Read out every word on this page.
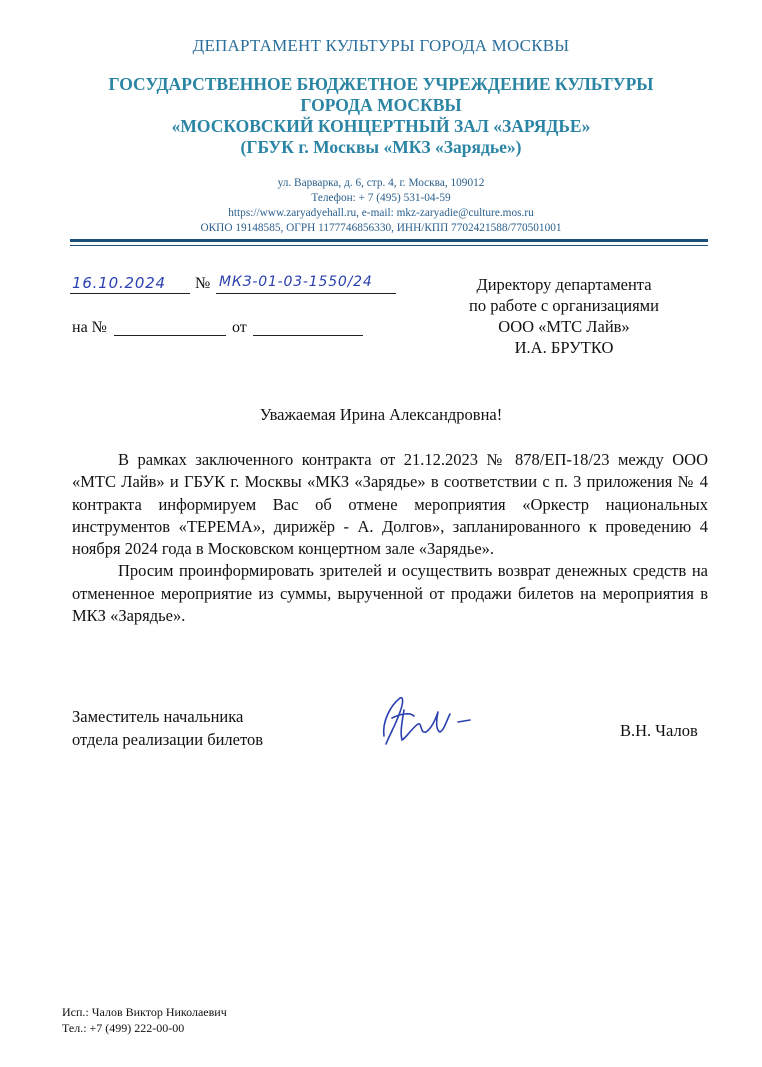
ДЕПАРТАМЕНТ КУЛЬТУРЫ ГОРОДА МОСКВЫ
ГОСУДАРСТВЕННОЕ БЮДЖЕТНОЕ УЧРЕЖДЕНИЕ КУЛЬТУРЫ
ГОРОДА МОСКВЫ
«МОСКОВСКИЙ КОНЦЕРТНЫЙ ЗАЛ «ЗАРЯДЬЕ»
(ГБУК г. Москвы «МКЗ «Зарядье»)
ул. Варварка, д. 6, стр. 4, г. Москва, 109012
Телефон: + 7 (495) 531-04-59
https://www.zaryadyehall.ru, e-mail: mkz-zaryadie@culture.mos.ru
ОКПО 19148585, ОГРН 1177746856330, ИНН/КПП 7702421588/770501001
16.10.2024 № МКЗ-01-03-1550/24
на №	от
Директору департамента
по работе с организациями
ООО «МТС Лайв»
И.А. БРУТКО
Уважаемая Ирина Александровна!

В рамках заключенного контракта от 21.12.2023 № 878/ЕП-18/23 между ООО «МТС Лайв» и ГБУК г. Москвы «МКЗ «Зарядье» в соответствии с п. 3 приложения № 4 контракта информируем Вас об отмене мероприятия «Оркестр национальных инструментов «ТЕРЕМА», дирижёр - А. Долгов», запланированного к проведению 4 ноября 2024 года в Московском концертном зале «Зарядье».

Просим проинформировать зрителей и осуществить возврат денежных средств на отмененное мероприятие из суммы, вырученной от продажи билетов на мероприятия в МКЗ «Зарядье».

Заместитель начальника
отдела реализации билетов	В.Н. Чалов
Исп.: Чалов Виктор Николаевич
Тел.: +7 (499) 222-00-00
